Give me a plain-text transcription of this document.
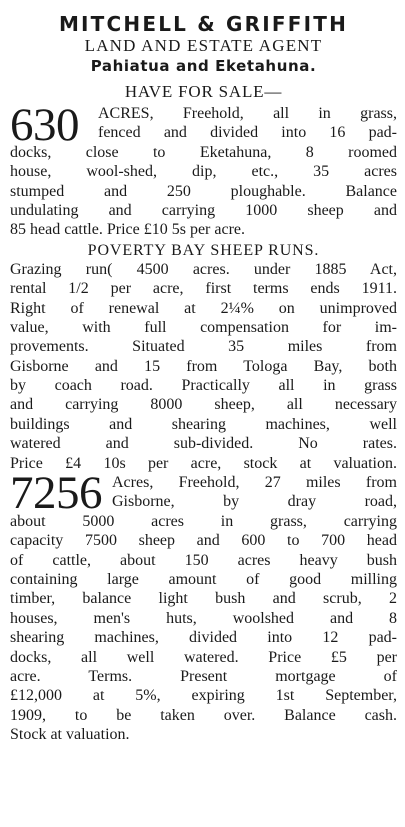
MITCHELL & GRIFFITH

LAND AND ESTATE AGENT

Pahiatua and Eketahuna.

HAVE FOR SALE—

630	ACRES, Freehold, all in grass,
fenced and divided into 16 pad-
docks, close to Eketahuna, 8 roomed
house, wool-shed, dip, etc., 35 acres
stumped and 250 ploughable. Balance
undulating and carrying 1000 sheep and
85 head cattle. Price £10 5s per acre.

POVERTY BAY SHEEP RUNS.

Grazing run( 4500 acres. under 1885 Act,
rental 1/2 per acre, first terms ends 1911.
Right of renewal at 2¼% on unimproved
value, with full compensation for im-
provements. Situated 35 miles from
Gisborne and 15 from Tologa Bay, both
by coach road. Practically all in grass
and carrying 8000 sheep, all necessary
buildings and shearing machines, well
watered and sub-divided. No rates.
Price £4 10s per acre, stock at valuation.
7256 Acres, Freehold, 27 miles from
Gisborne, by dray road,
about 5000 acres in grass, carrying
capacity 7500 sheep and 600 to 700 head
of cattle, about 150 acres heavy bush
containing large amount of good milling
timber, balance light bush and scrub, 2
houses, men's huts, woolshed and 8
shearing machines, divided into 12 pad-
docks, all well watered. Price £5 per
acre. Terms. Present mortgage of
£12,000 at 5%, expiring 1st September,
1909, to be taken over. Balance cash.
Stock at valuation.
